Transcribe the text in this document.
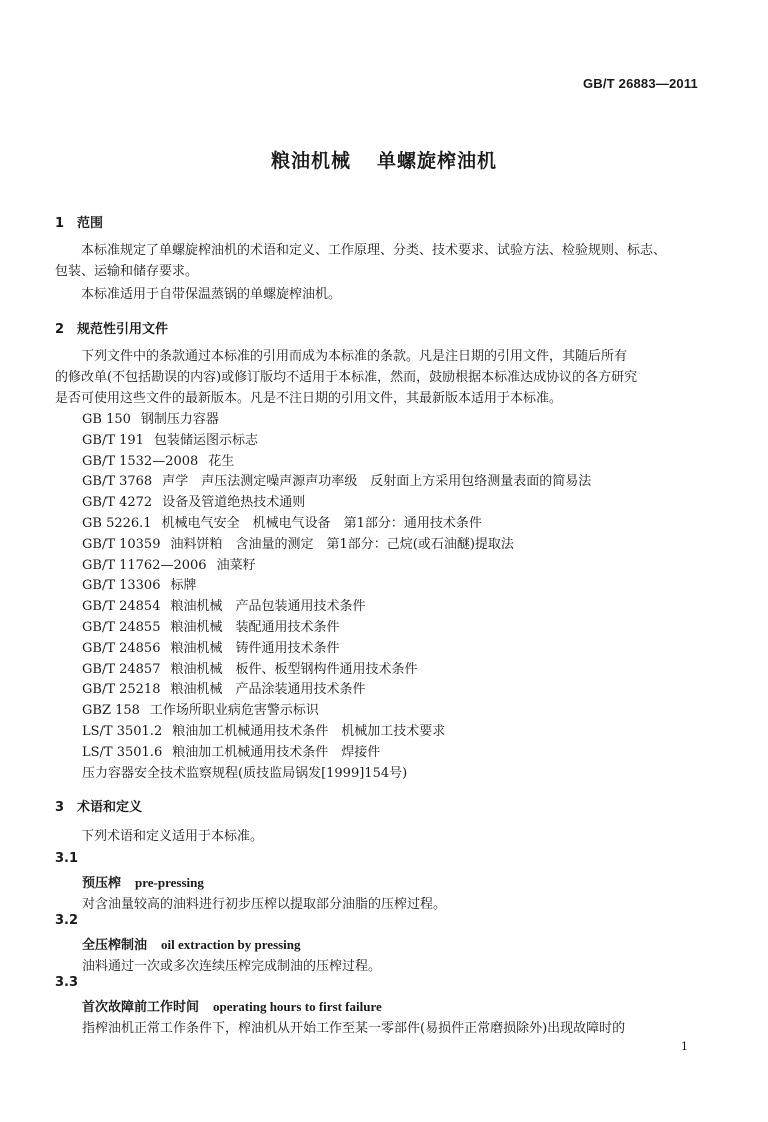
GB/T 26883—2011
粮油机械 单螺旋榨油机
1 范围
本标准规定了单螺旋榨油机的术语和定义、工作原理、分类、技术要求、试验方法、检验规则、标志、
包装、运输和储存要求。
本标准适用于自带保温蒸锅的单螺旋榨油机。
2 规范性引用文件
下列文件中的条款通过本标准的引用而成为本标准的条款。凡是注日期的引用文件，其随后所有
的修改单(不包括勘误的内容)或修订版均不适用于本标准，然而，鼓励根据本标准达成协议的各方研究
是否可使用这些文件的最新版本。凡是不注日期的引用文件，其最新版本适用于本标准。
GB 150 钢制压力容器
GB/T 191 包装储运图示标志
GB/T 1532—2008 花生
GB/T 3768 声学　声压法测定噪声源声功率级　反射面上方采用包络测量表面的简易法
GB/T 4272 设备及管道绝热技术通则
GB 5226.1 机械电气安全　机械电气设备　第1部分：通用技术条件
GB/T 10359 油料饼粕　含油量的测定　第1部分：己烷(或石油醚)提取法
GB/T 11762—2006 油菜籽
GB/T 13306 标牌
GB/T 24854 粮油机械　产品包装通用技术条件
GB/T 24855 粮油机械　装配通用技术条件
GB/T 24856 粮油机械　铸件通用技术条件
GB/T 24857 粮油机械　板件、板型钢构件通用技术条件
GB/T 25218 粮油机械　产品涂装通用技术条件
GBZ 158 工作场所职业病危害警示标识
LS/T 3501.2 粮油加工机械通用技术条件　机械加工技术要求
LS/T 3501.6 粮油加工机械通用技术条件　焊接件
压力容器安全技术监察规程(质技监局锅发[1999]154号)
3 术语和定义
下列术语和定义适用于本标准。
3.1
预压榨 pre-pressing
对含油量较高的油料进行初步压榨以提取部分油脂的压榨过程。
3.2
全压榨制油 oil extraction by pressing
油料通过一次或多次连续压榨完成制油的压榨过程。
3.3
首次故障前工作时间 operating hours to first failure
指榨油机正常工作条件下，榨油机从开始工作至某一零部件(易损件正常磨损除外)出现故障时的
1
